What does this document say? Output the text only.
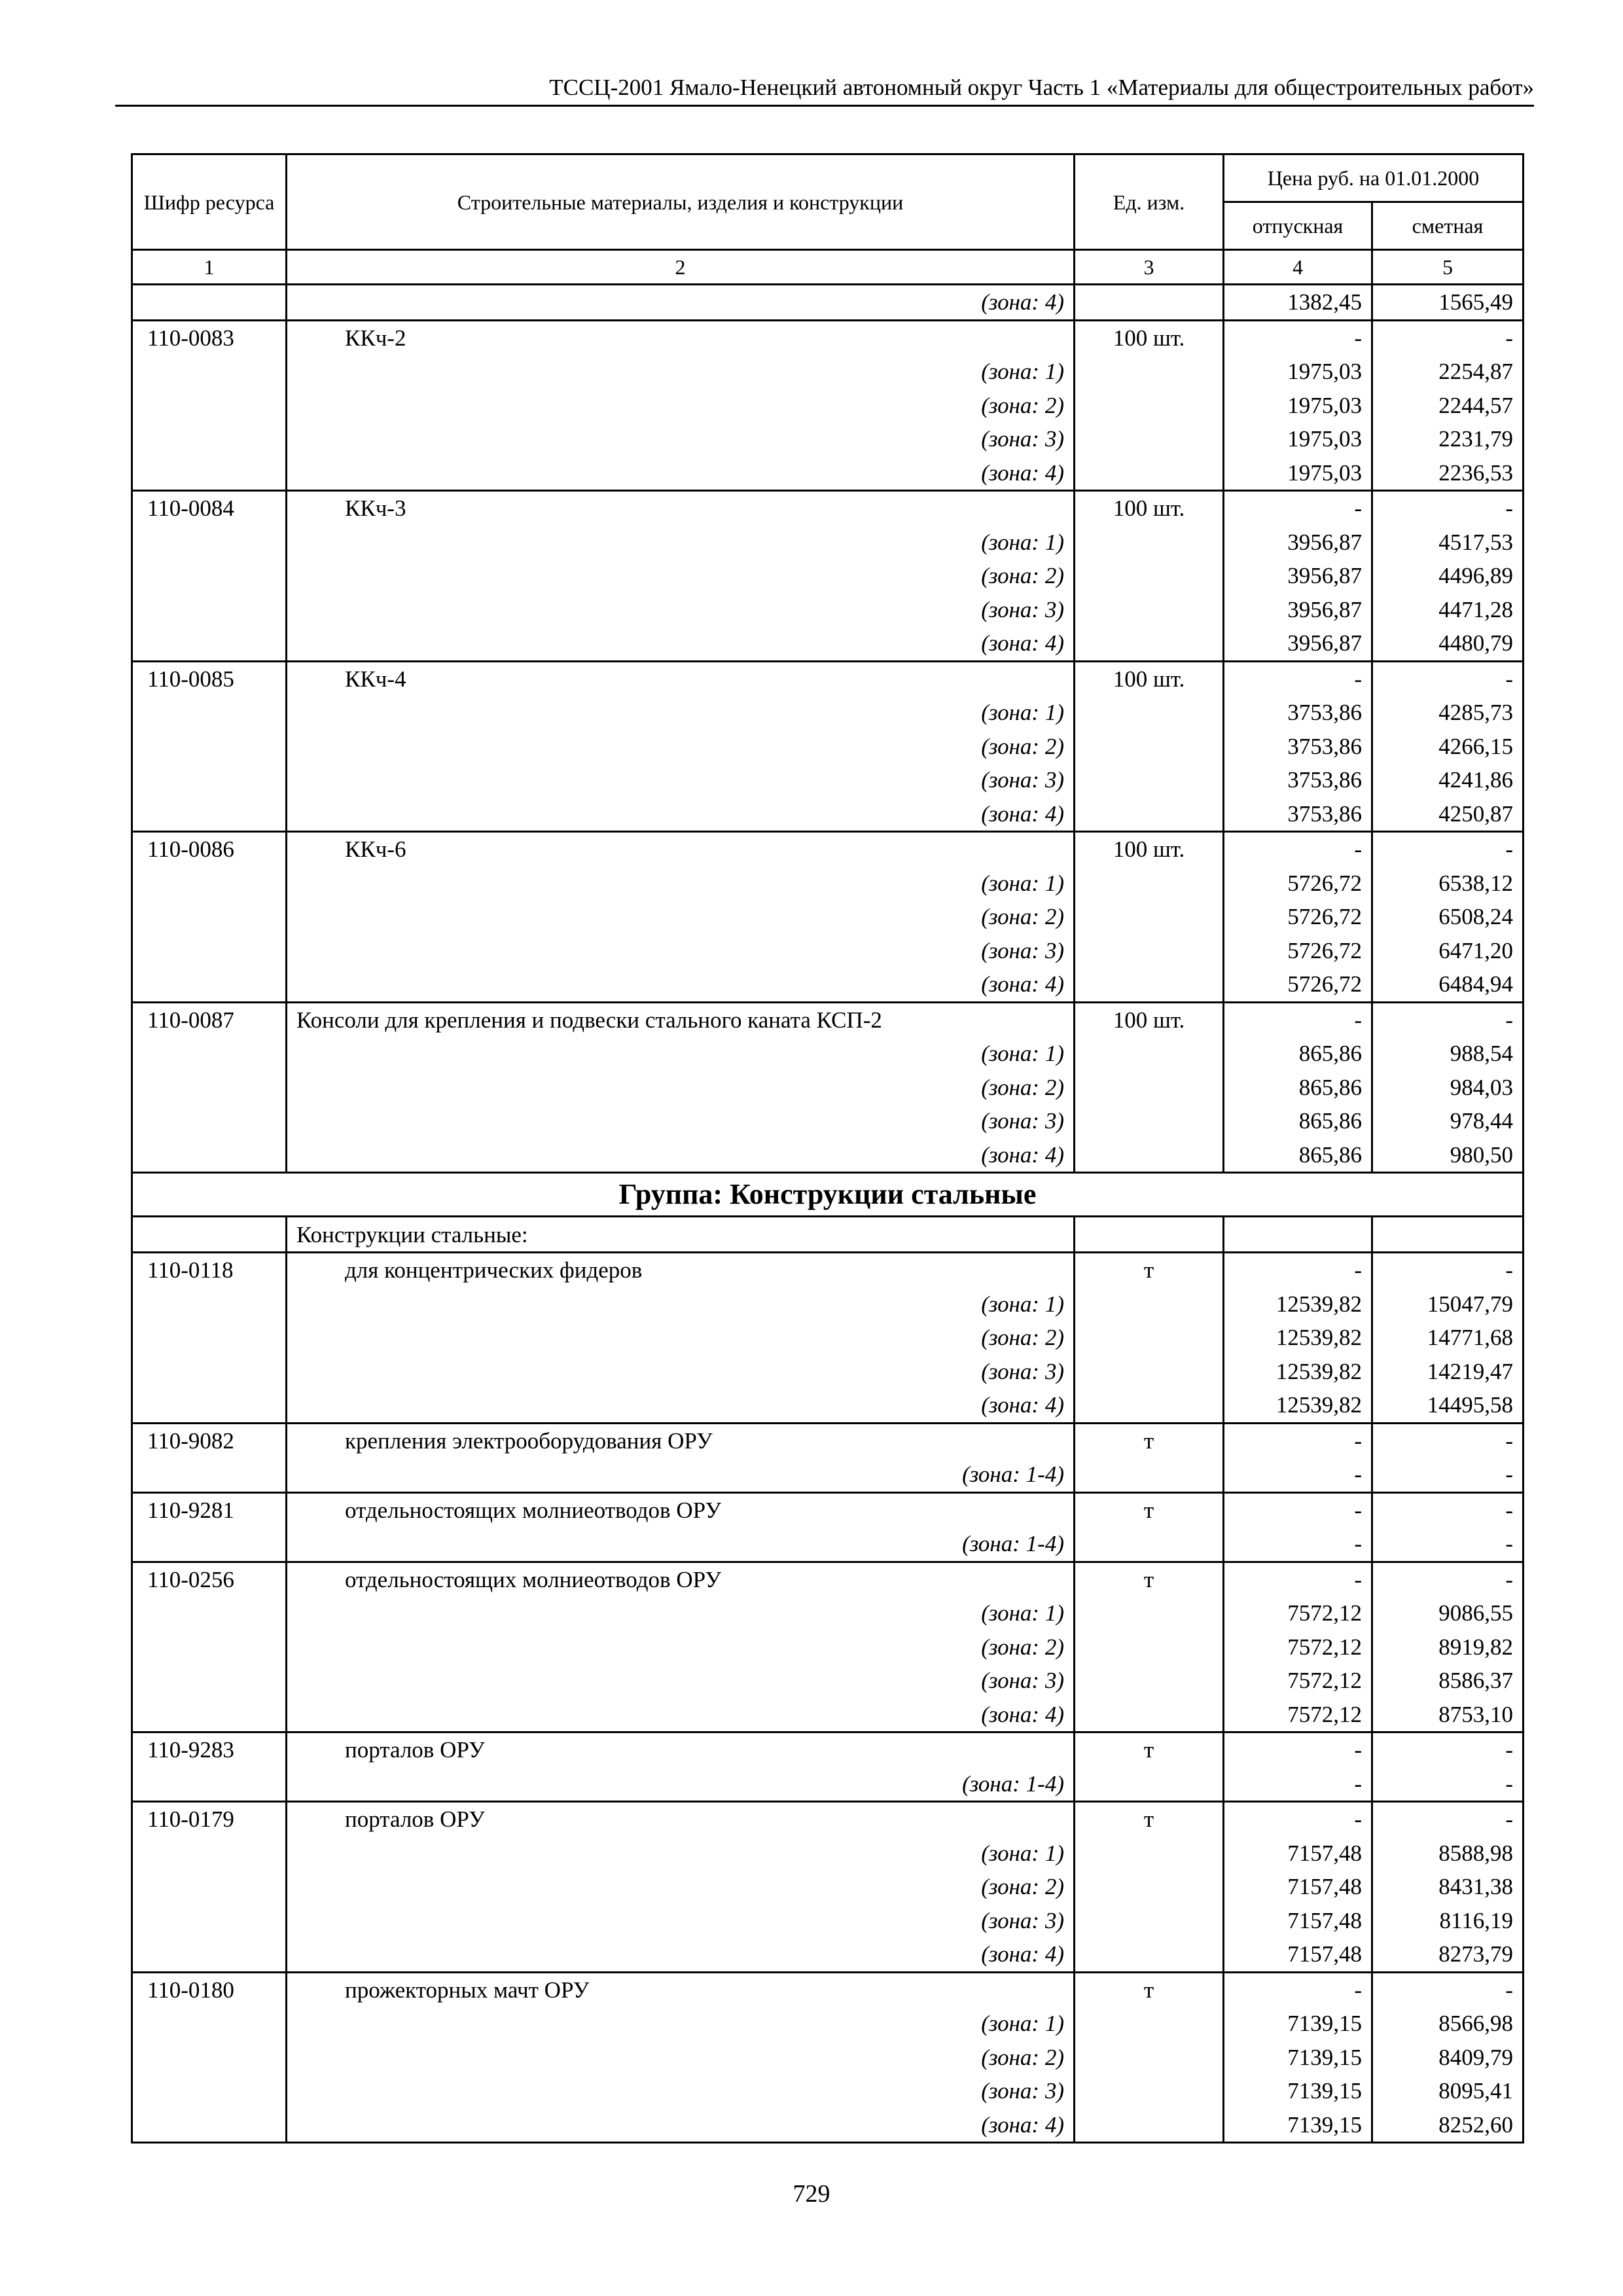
ТССЦ-2001 Ямало-Ненецкий автономный округ Часть 1 «Материалы для общестроительных работ»
Шифр ресурса	Строительные материалы, изделия и конструкции	Ед. изм.	Цена руб. на 01.01.2000	
			отпускная	сметная
1	2	3	4	5
	(зона: 4)		1382,45	1565,49
110-0083	ККч-2	100 шт.	-	-
	(зона: 1)		1975,03	2254,87
	(зона: 2)		1975,03	2244,57
	(зона: 3)		1975,03	2231,79
	(зона: 4)		1975,03	2236,53
110-0084	ККч-3	100 шт.	-	-
	(зона: 1)		3956,87	4517,53
	(зона: 2)		3956,87	4496,89
	(зона: 3)		3956,87	4471,28
	(зона: 4)		3956,87	4480,79
110-0085	ККч-4	100 шт.	-	-
	(зона: 1)		3753,86	4285,73
	(зона: 2)		3753,86	4266,15
	(зона: 3)		3753,86	4241,86
	(зона: 4)		3753,86	4250,87
110-0086	ККч-6	100 шт.	-	-
	(зона: 1)		5726,72	6538,12
	(зона: 2)		5726,72	6508,24
	(зона: 3)		5726,72	6471,20
	(зона: 4)		5726,72	6484,94
110-0087	Консоли для крепления и подвески стального каната КСП-2	100 шт.	-	-
	(зона: 1)		865,86	988,54
	(зона: 2)		865,86	984,03
	(зона: 3)		865,86	978,44
	(зона: 4)		865,86	980,50
Группа: Конструкции стальные				
	Конструкции стальные:			
110-0118	для концентрических фидеров	т	-	-
	(зона: 1)		12539,82	15047,79
	(зона: 2)		12539,82	14771,68
	(зона: 3)		12539,82	14219,47
	(зона: 4)		12539,82	14495,58
110-9082	крепления электрооборудования ОРУ	т	-	-
	(зона: 1-4)		-	-
110-9281	отдельностоящих молниеотводов ОРУ	т	-	-
	(зона: 1-4)		-	-
110-0256	отдельностоящих молниеотводов ОРУ	т	-	-
	(зона: 1)		7572,12	9086,55
	(зона: 2)		7572,12	8919,82
	(зона: 3)		7572,12	8586,37
	(зона: 4)		7572,12	8753,10
110-9283	порталов ОРУ	т	-	-
	(зона: 1-4)		-	-
110-0179	порталов ОРУ	т	-	-
	(зона: 1)		7157,48	8588,98
	(зона: 2)		7157,48	8431,38
	(зона: 3)		7157,48	8116,19
	(зона: 4)		7157,48	8273,79
110-0180	прожекторных мачт ОРУ	т	-	-
	(зона: 1)		7139,15	8566,98
	(зона: 2)		7139,15	8409,79
	(зона: 3)		7139,15	8095,41
	(зона: 4)		7139,15	8252,60
729
